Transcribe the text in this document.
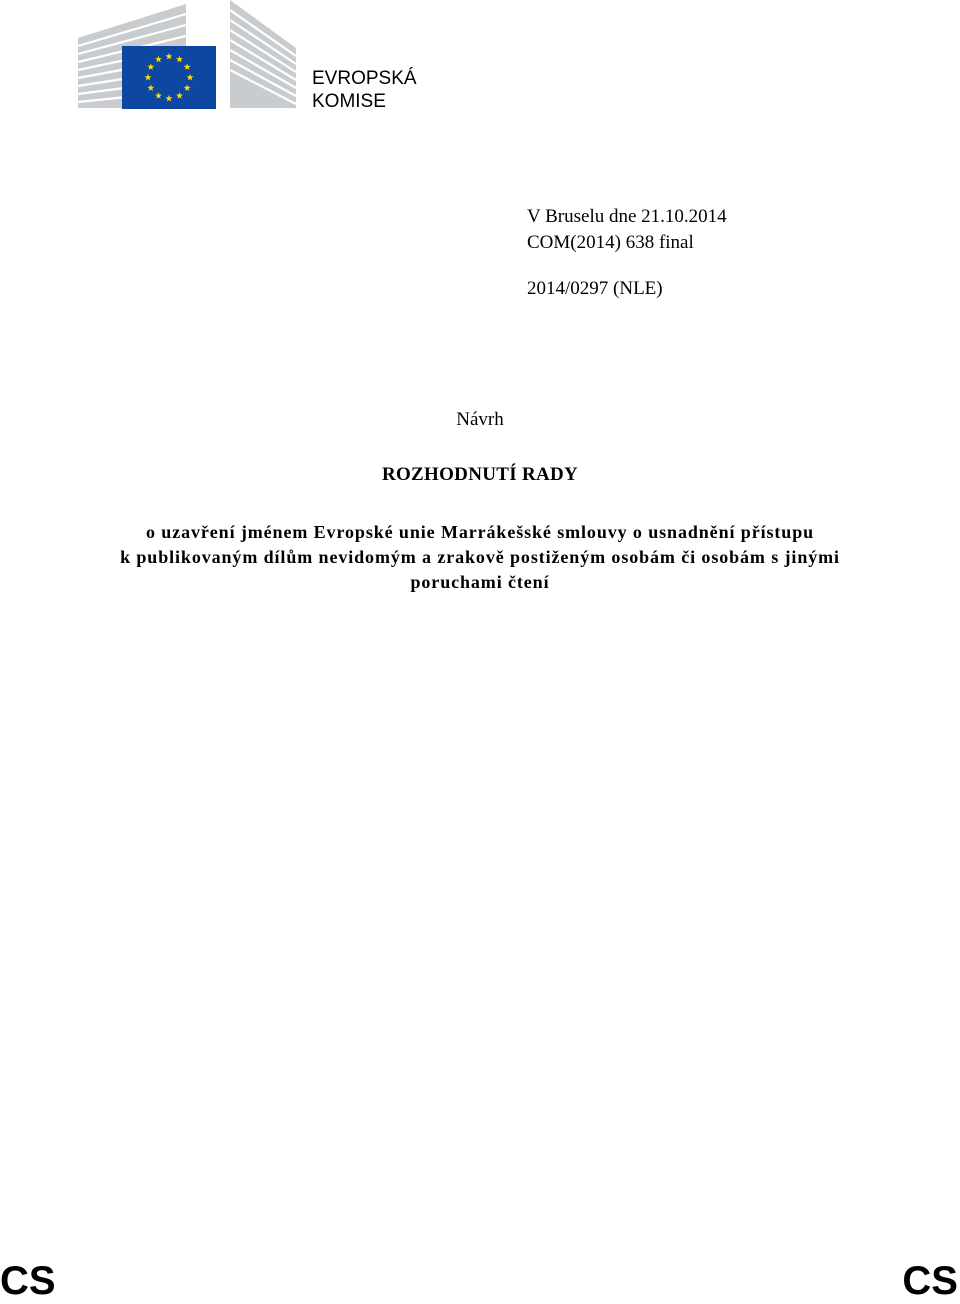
EVROPSKÁ
KOMISE
V Bruselu dne 21.10.2014
COM(2014) 638 final
2014/0297 (NLE)
Návrh
ROZHODNUTÍ RADY
o uzavření jménem Evropské unie Marrákešské smlouvy o usnadnění přístupu
k publikovaným dílům nevidomým a zrakově postiženým osobám či osobám s jinými
poruchami čtení
CS	CS
